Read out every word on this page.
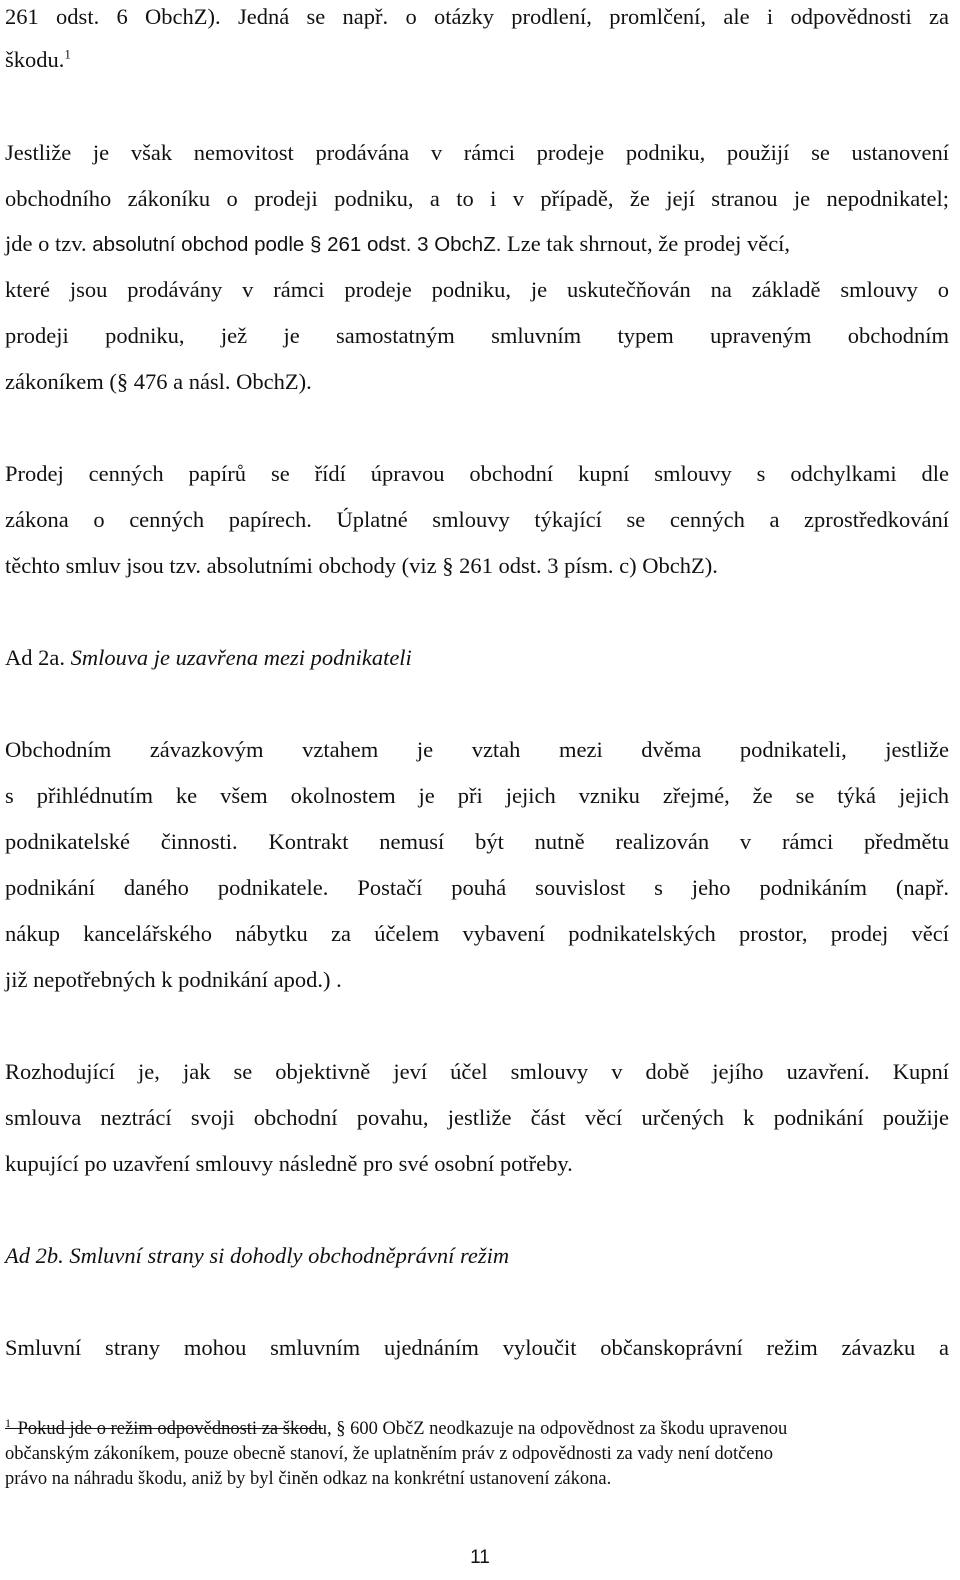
261 odst. 6 ObchZ). Jedná se např. o otázky prodlení, promlčení, ale i odpovědnosti za
škodu.$^1$
Jestliže je však nemovitost prodávána v rámci prodeje podniku, použijí se ustanovení
obchodního zákoníku o prodeji podniku, a to i v případě, že její stranou je nepodnikatel;
jde o tzv. absolutní obchod podle § 261 odst. 3 ObchZ. Lze tak shrnout, že prodej věcí,
které jsou prodávány v rámci prodeje podniku, je uskutečňován na základě smlouvy o
prodeji podniku, jež je samostatným smluvním typem upraveným obchodním
zákoníkem (§ 476 a násl. ObchZ).
Prodej cenných papírů se řídí úpravou obchodní kupní smlouvy s odchylkami dle
zákona o cenných papírech. Úplatné smlouvy týkající se cenných a zprostředkování
těchto smluv jsou tzv. absolutními obchody (viz § 261 odst. 3 písm. c) ObchZ).
Ad 2a. Smlouva je uzavřena mezi podnikateli
Obchodním závazkovým vztahem je vztah mezi dvěma podnikateli, jestliže
s přihlédnutím ke všem okolnostem je při jejich vzniku zřejmé, že se týká jejich
podnikatelské činnosti. Kontrakt nemusí být nutně realizován v rámci předmětu
podnikání daného podnikatele. Postačí pouhá souvislost s jeho podnikáním (např.
nákup kancelářského nábytku za účelem vybavení podnikatelských prostor, prodej věcí
již nepotřebných k podnikání apod.) .
Rozhodující je, jak se objektivně jeví účel smlouvy v době jejího uzavření. Kupní
smlouva neztrácí svoji obchodní povahu, jestliže část věcí určených k podnikání použije
kupující po uzavření smlouvy následně pro své osobní potřeby.
Ad 2b. Smluvní strany si dohodly obchodněprávní režim
Smluvní strany mohou smluvním ujednáním vyloučit občanskoprávní režim závazku a
$^1$ Pokud jde o režim odpovědnosti za škodu, § 600 ObčZ neodkazuje na odpovědnost za škodu upravenou
občanským zákoníkem, pouze obecně stanoví, že uplatněním práv z odpovědnosti za vady není dotčeno
právo na náhradu škodu, aniž by byl činěn odkaz na konkrétní ustanovení zákona.
11
